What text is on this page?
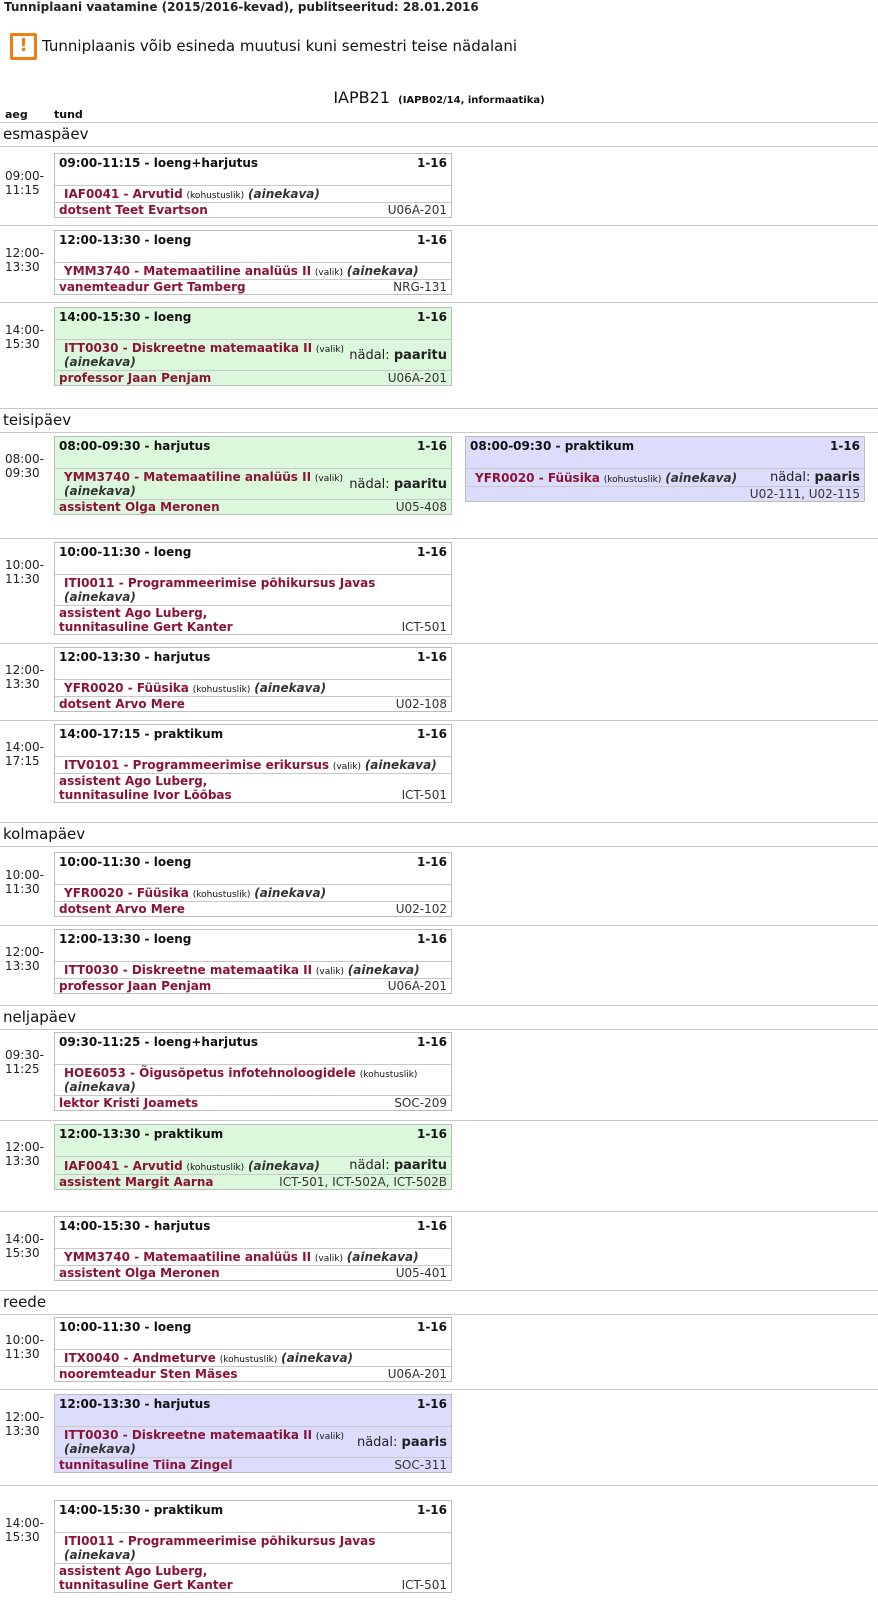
Tunniplaani vaatamine (2015/2016-kevad), publitseeritud: 28.01.2016
! Tunniplaanis võib esineda muutusi kuni semestri teise nädalani
IAPB21 (IAPB02/14, informaatika)
aeg tund
esmaspäev
09:00-
11:15
09:00-11:15 - loeng+harjutus	1-16
IAF0041 - Arvutid (kohustuslik) (ainekava)
dotsent Teet Evartson	U06A-201
12:00-
13:30
12:00-13:30 - loeng	1-16
YMM3740 - Matemaatiline analüüs II (valik) (ainekava)
vanemteadur Gert Tamberg	NRG-131
14:00-
15:30
14:00-15:30 - loeng	1-16
ITT0030 - Diskreetne matemaatika II (valik) (ainekava)	nädal: paaritu
professor Jaan Penjam	U06A-201
teisipäev
08:00-
09:30
08:00-09:30 - harjutus	1-16
YMM3740 - Matemaatiline analüüs II (valik) (ainekava)	nädal: paaritu
assistent Olga Meronen	U05-408
08:00-09:30 - praktikum	1-16
YFR0020 - Füüsika (kohustuslik) (ainekava)	nädal: paaris
U02-111, U02-115
10:00-
11:30
10:00-11:30 - loeng	1-16
ITI0011 - Programmeerimise põhikursus Javas (ainekava)
assistent Ago Luberg,
tunnitasuline Gert Kanter	ICT-501
12:00-
13:30
12:00-13:30 - harjutus	1-16
YFR0020 - Füüsika (kohustuslik) (ainekava)
dotsent Arvo Mere	U02-108
14:00-
17:15
14:00-17:15 - praktikum	1-16
ITV0101 - Programmeerimise erikursus (valik) (ainekava)
assistent Ago Luberg,
tunnitasuline Ivor Lõõbas	ICT-501
kolmapäev
10:00-
11:30
10:00-11:30 - loeng	1-16
YFR0020 - Füüsika (kohustuslik) (ainekava)
dotsent Arvo Mere	U02-102
12:00-
13:30
12:00-13:30 - loeng	1-16
ITT0030 - Diskreetne matemaatika II (valik) (ainekava)
professor Jaan Penjam	U06A-201
neljapäev
09:30-
11:25
09:30-11:25 - loeng+harjutus	1-16
HOE6053 - Õigusõpetus infotehnoloogidele (kohustuslik) (ainekava)
lektor Kristi Joamets	SOC-209
12:00-
13:30
12:00-13:30 - praktikum	1-16
IAF0041 - Arvutid (kohustuslik) (ainekava) nädal: paaritu
assistent Margit Aarna	ICT-501, ICT-502A, ICT-502B
14:00-
15:30
14:00-15:30 - harjutus	1-16
YMM3740 - Matemaatiline analüüs II (valik) (ainekava)
assistent Olga Meronen	U05-401
reede
10:00-
11:30
10:00-11:30 - loeng	1-16
ITX0040 - Andmeturve (kohustuslik) (ainekava)
nooremteadur Sten Mäses	U06A-201
12:00-
13:30
12:00-13:30 - harjutus	1-16
ITT0030 - Diskreetne matemaatika II (valik) (ainekava)	nädal: paaris
tunnitasuline Tiina Zingel	SOC-311
14:00-
15:30
14:00-15:30 - praktikum	1-16
ITI0011 - Programmeerimise põhikursus Javas (ainekava)
assistent Ago Luberg,
tunnitasuline Gert Kanter	ICT-501
